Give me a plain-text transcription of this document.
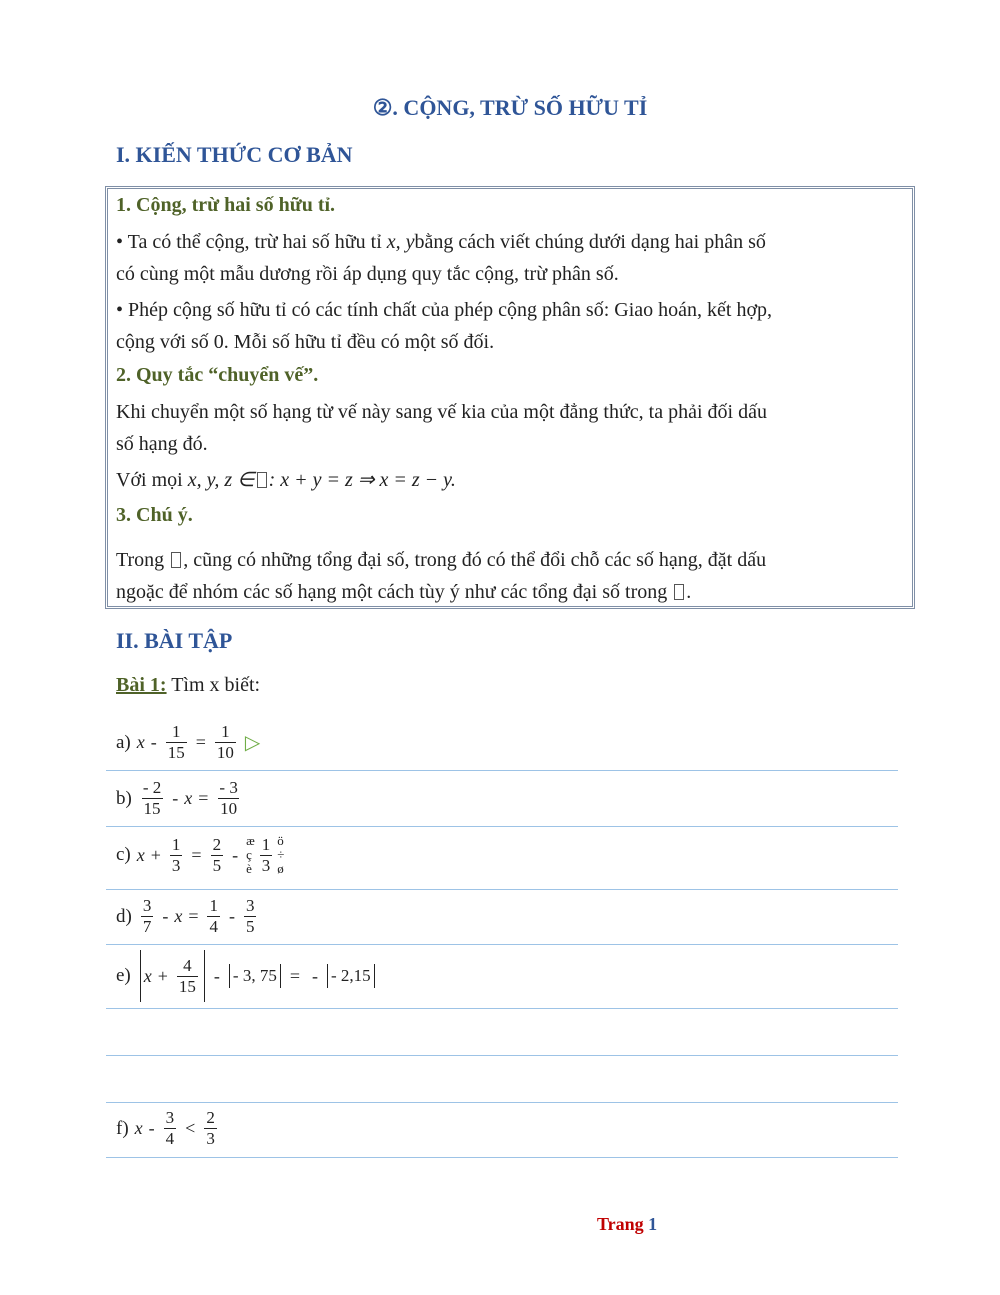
②. CỘNG, TRỪ SỐ HỮU TỈ
I. KIẾN THỨC CƠ BẢN

1. Cộng, trừ hai số hữu tỉ.

• Ta có thể cộng, trừ hai số hữu tỉ x, ybằng cách viết chúng dưới dạng hai phân số

có cùng một mẫu dương rồi áp dụng quy tắc cộng, trừ phân số.

• Phép cộng số hữu tỉ có các tính chất của phép cộng phân số: Giao hoán, kết hợp,

cộng với số 0. Mỗi số hữu tỉ đều có một số đối.

2. Quy tắc “chuyển vế”.

Khi chuyển một số hạng từ vế này sang vế kia của một đẳng thức, ta phải đối dấu

số hạng đó.

Với mọi x, y, z ∈ : x + y = z ⇒ x = z − y.

3. Chú ý.

Trong , cũng có những tổng đại số, trong đó có thể đổi chỗ các số hạng, đặt dấu

ngoặc để nhóm các số hạng một cách tùy ý như các tổng đại số trong .

II. BÀI TẬP

Bài 1: Tìm x biết:

a) $x - \frac{1}{15} = \frac{1}{10}$ ▷
$b) \frac{- 2}{15} - x = \frac{- 3}{10}$
c) $x + \frac{1}{3} = \frac{2}{5}$ -
æ
ç
è $\frac{1}{3}$ ö
÷
ø
$d) \frac{3}{7} - x = \frac{1}{4} - \frac{3}{5}$
e) $x + \frac{4}{15}$ - - 3, 75 = - - 2,15
f) $x - \frac{3}{4} < \frac{2}{3}$

Trang 1
